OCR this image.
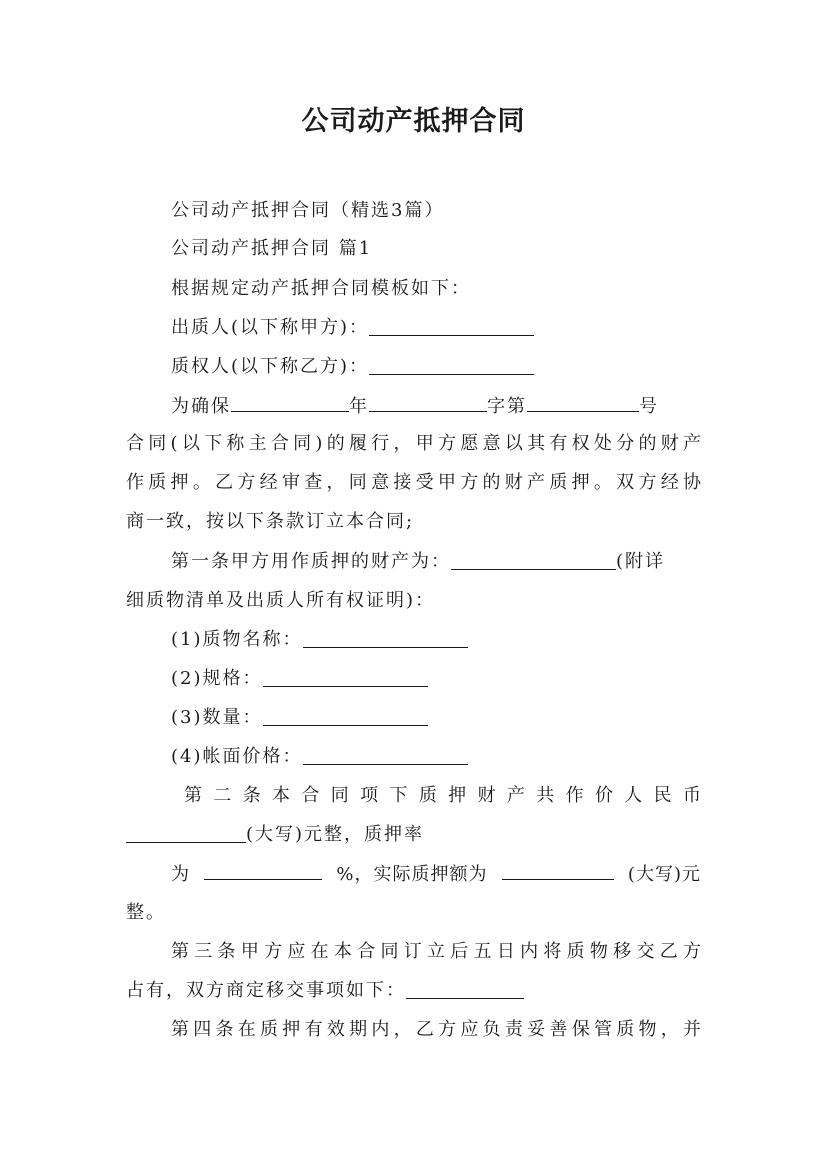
公司动产抵押合同
公司动产抵押合同（精选3篇）
公司动产抵押合同 篇1
根据规定动产抵押合同模板如下：
出质人(以下称甲方)：
质权人(以下称乙方)：
为确保	年	字第	号
合同(以下称主合同)的履行，甲方愿意以其有权处分的财产
作质押。乙方经审查，同意接受甲方的财产质押。双方经协
商一致，按以下条款订立本合同;
第一条甲方用作质押的财产为：	(附详
细质物清单及出质人所有权证明)：
(1)质物名称：
(2)规格：
(3)数量：
(4)帐面价格：
第二条本合同项下质押财产共作价人民币
(大写)元整，质押率
为	%，实际质押额为	(大写)元
整。
第三条甲方应在本合同订立后五日内将质物移交乙方
占有，双方商定移交事项如下：
第四条在质押有效期内，乙方应负责妥善保管质物，并
